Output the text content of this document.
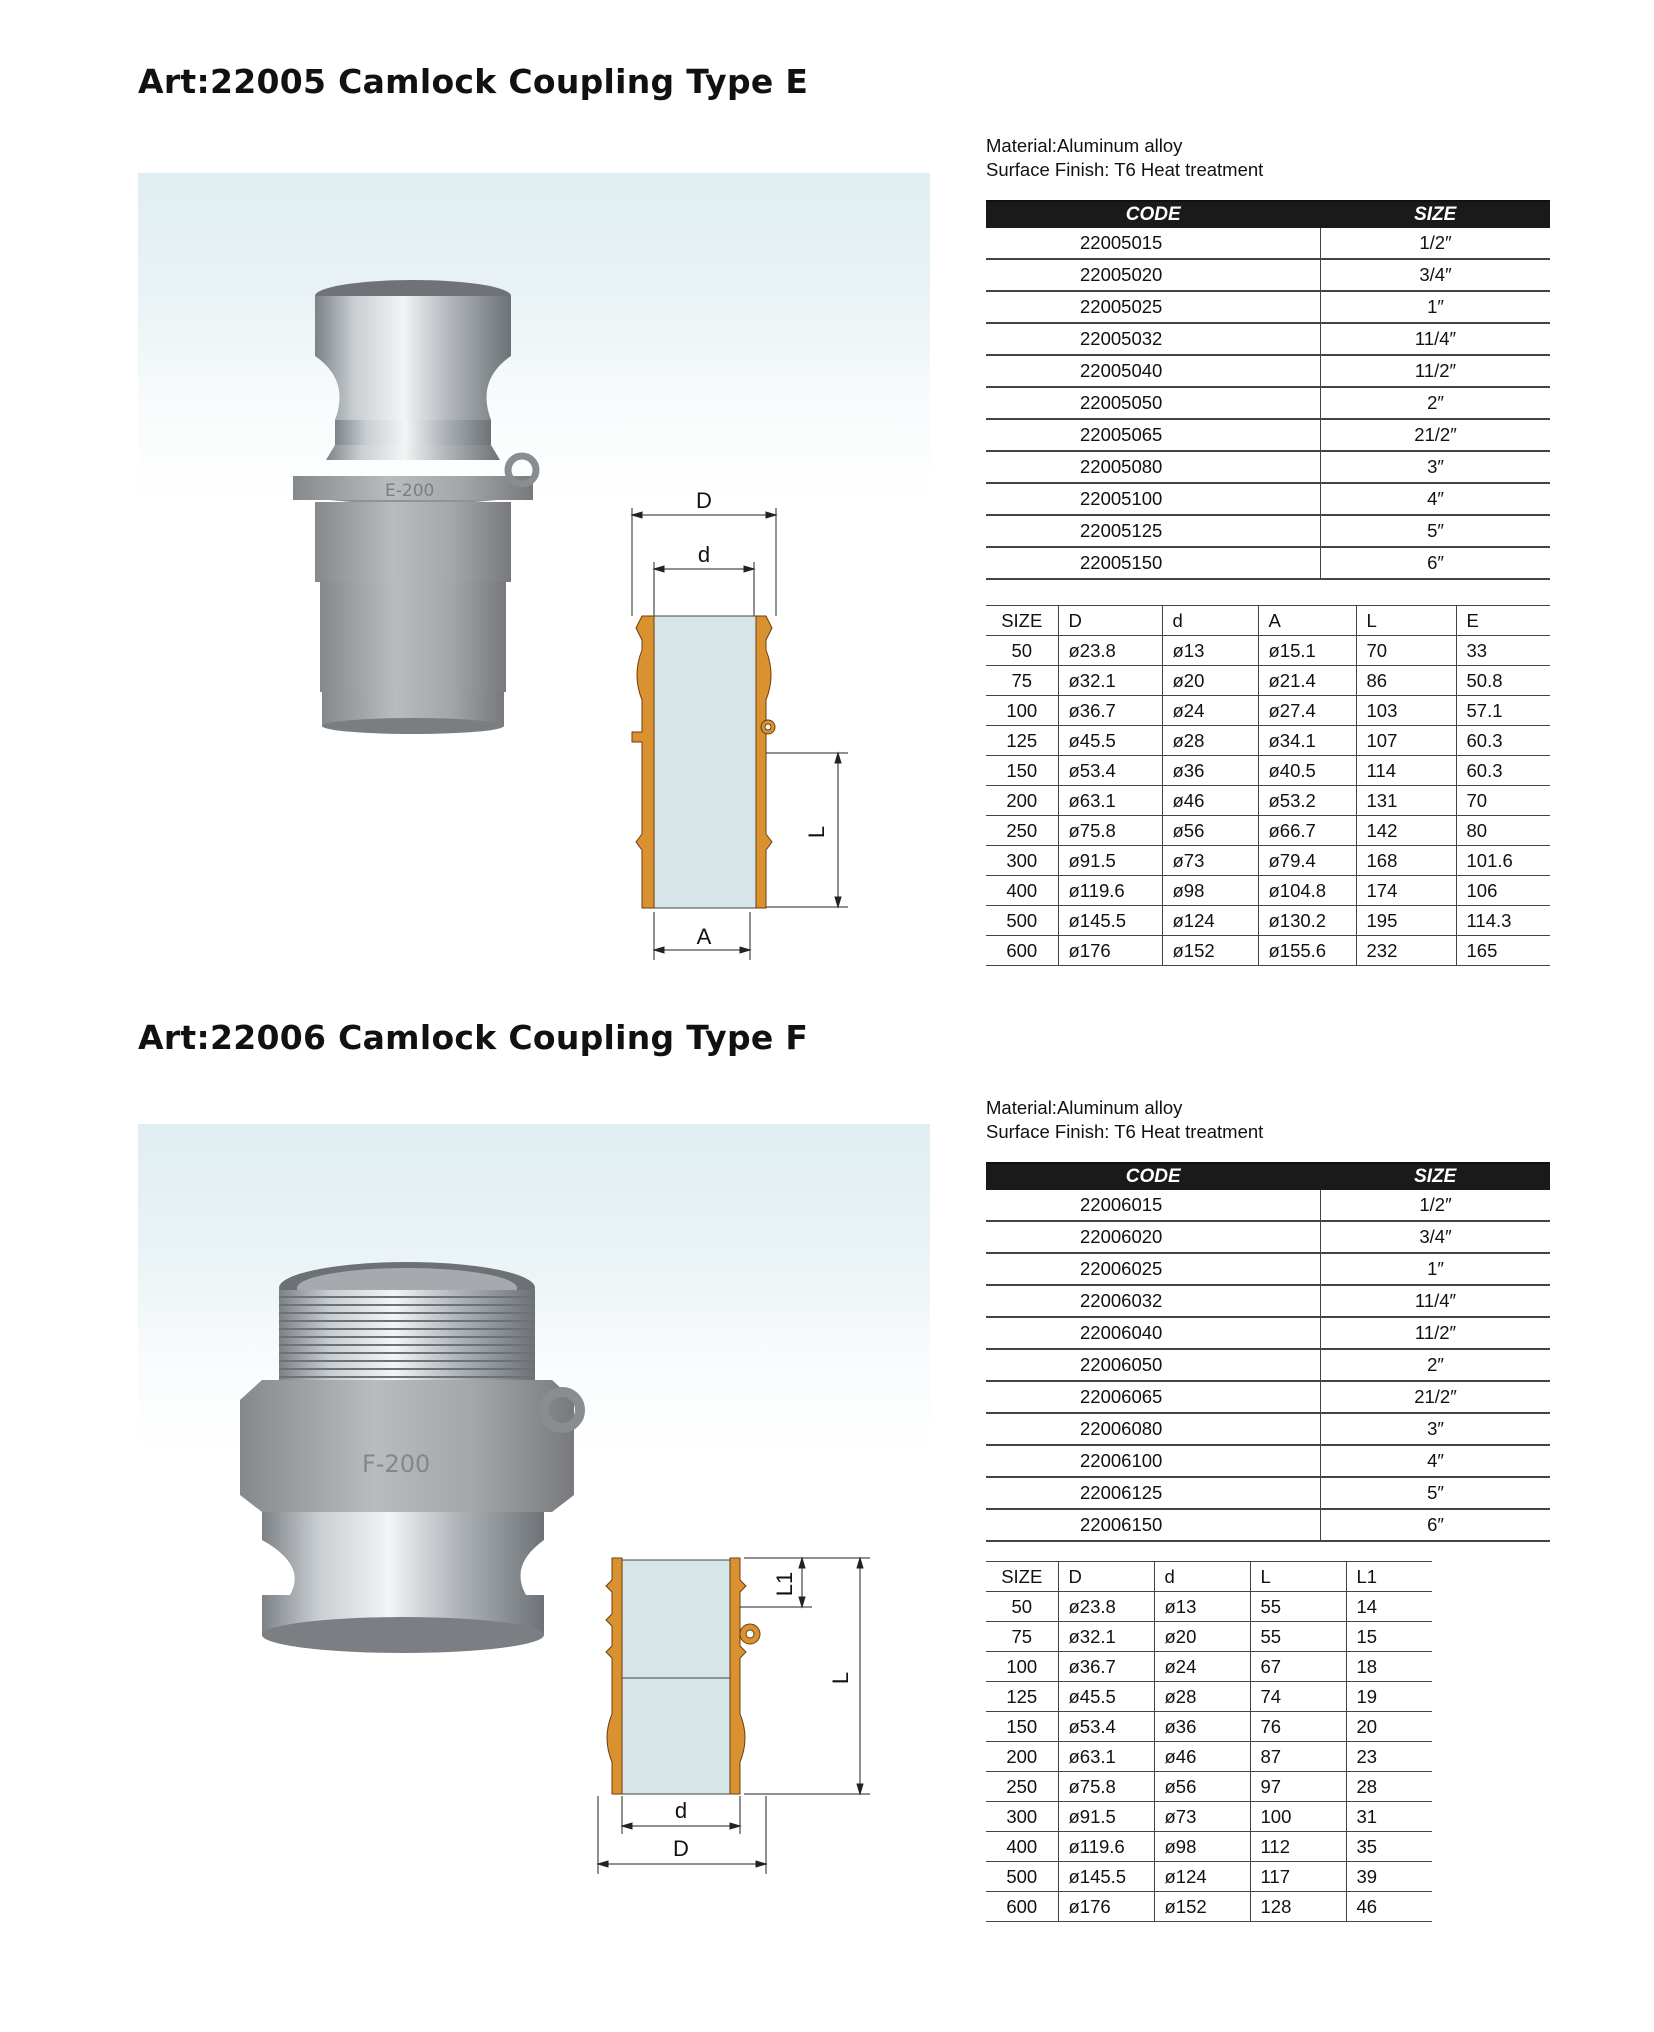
Art:22005 Camlock Coupling Type E
E-200
Material:Aluminum alloy
Surface Finish: T6 Heat treatment
CODE	SIZE
22005015	1/2″
22005020	3/4″
22005025	1″
22005032	11/4″
22005040	11/2″
22005050	2″
22005065	21/2″
22005080	3″
22005100	4″
22005125	5″
22005150	6″
D
d
A
L
SIZE	D	d	A	L	E
50	ø23.8	ø13	ø15.1	70	33
75	ø32.1	ø20	ø21.4	86	50.8
100	ø36.7	ø24	ø27.4	103	57.1
125	ø45.5	ø28	ø34.1	107	60.3
150	ø53.4	ø36	ø40.5	114	60.3
200	ø63.1	ø46	ø53.2	131	70
250	ø75.8	ø56	ø66.7	142	80
300	ø91.5	ø73	ø79.4	168	101.6
400	ø119.6	ø98	ø104.8	174	106
500	ø145.5	ø124	ø130.2	195	114.3
600	ø176	ø152	ø155.6	232	165
Art:22006 Camlock Coupling Type F
F-200
Material:Aluminum alloy
Surface Finish: T6 Heat treatment
CODE	SIZE
22006015	1/2″
22006020	3/4″
22006025	1″
22006032	11/4″
22006040	11/2″
22006050	2″
22006065	21/2″
22006080	3″
22006100	4″
22006125	5″
22006150	6″
d
D
L1
L
SIZE	D	d	L	L1
50	ø23.8	ø13	55	14
75	ø32.1	ø20	55	15
100	ø36.7	ø24	67	18
125	ø45.5	ø28	74	19
150	ø53.4	ø36	76	20
200	ø63.1	ø46	87	23
250	ø75.8	ø56	97	28
300	ø91.5	ø73	100	31
400	ø119.6	ø98	112	35
500	ø145.5	ø124	117	39
600	ø176	ø152	128	46
